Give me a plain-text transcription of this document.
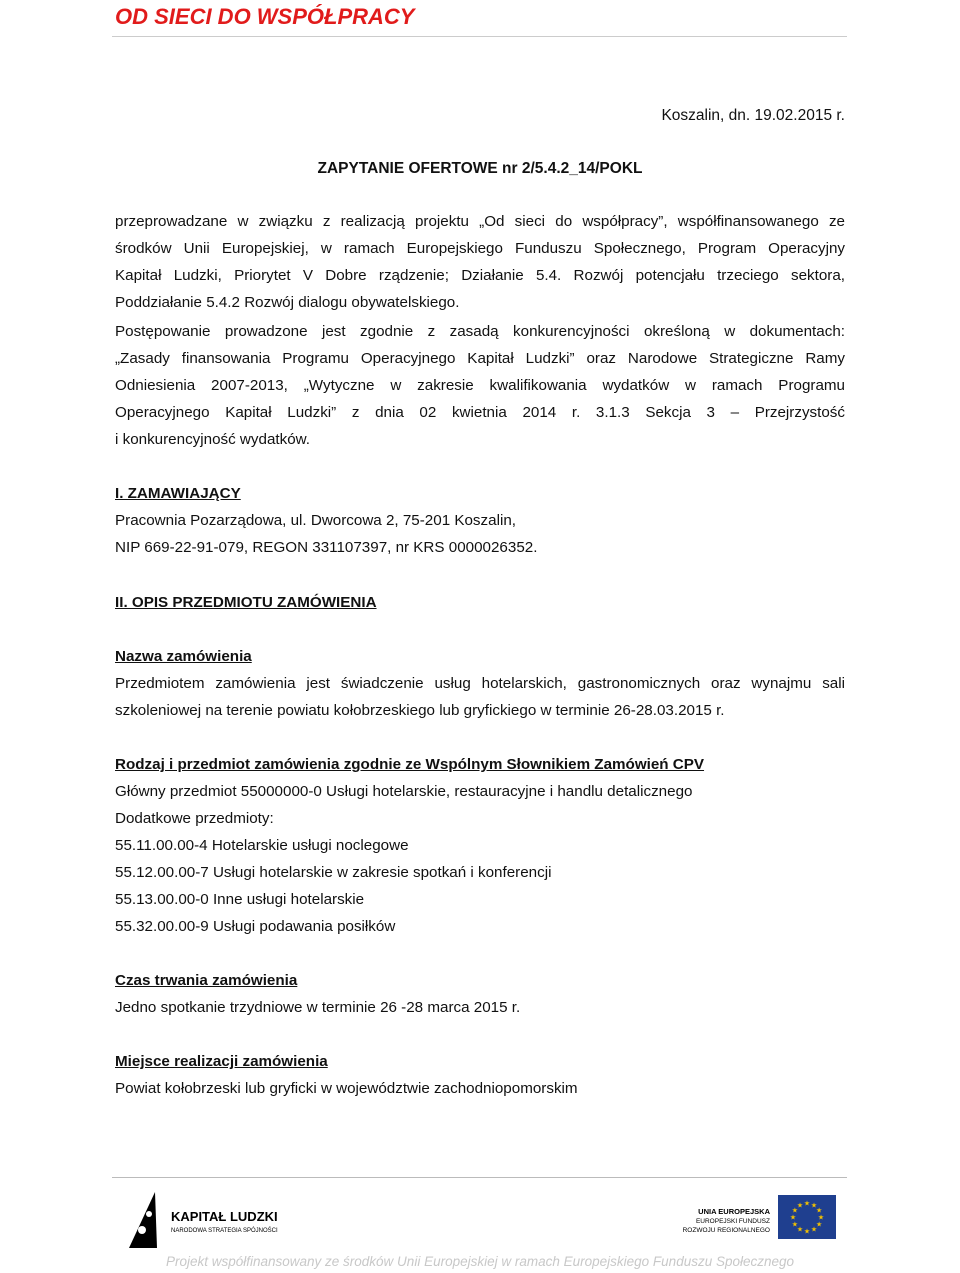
OD SIECI DO WSPÓŁPRACY
Koszalin, dn. 19.02.2015 r.
ZAPYTANIE OFERTOWE nr 2/5.4.2_14/POKL
przeprowadzane w związku z realizacją projektu „Od sieci do współpracy”, współfinansowanego ze
środków Unii Europejskiej, w ramach Europejskiego Funduszu Społecznego, Program Operacyjny
Kapitał Ludzki, Priorytet V Dobre rządzenie; Działanie 5.4. Rozwój potencjału trzeciego sektora,
Poddziałanie 5.4.2 Rozwój dialogu obywatelskiego.
Postępowanie prowadzone jest zgodnie z zasadą konkurencyjności określoną w dokumentach:
„Zasady finansowania Programu Operacyjnego Kapitał Ludzki” oraz Narodowe Strategiczne Ramy
Odniesienia 2007-2013, „Wytyczne w zakresie kwalifikowania wydatków w ramach Programu
Operacyjnego Kapitał Ludzki” z dnia 02 kwietnia 2014 r. 3.1.3 Sekcja 3 – Przejrzystość
i konkurencyjność wydatków.
I. ZAMAWIAJĄCY
Pracownia Pozarządowa, ul. Dworcowa 2, 75-201 Koszalin,
NIP 669-22-91-079, REGON 331107397, nr KRS 0000026352.
II. OPIS PRZEDMIOTU ZAMÓWIENIA
Nazwa zamówienia
Przedmiotem zamówienia jest świadczenie usług hotelarskich, gastronomicznych oraz wynajmu sali
szkoleniowej na terenie powiatu kołobrzeskiego lub gryfickiego w terminie 26-28.03.2015 r.
Rodzaj i przedmiot zamówienia zgodnie ze Wspólnym Słownikiem Zamówień CPV
Główny przedmiot 55000000-0 Usługi hotelarskie, restauracyjne i handlu detalicznego
Dodatkowe przedmioty:
55.11.00.00-4 Hotelarskie usługi noclegowe
55.12.00.00-7 Usługi hotelarskie w zakresie spotkań i konferencji
55.13.00.00-0 Inne usługi hotelarskie
55.32.00.00-9 Usługi podawania posiłków
Czas trwania zamówienia
Jedno spotkanie trzydniowe w terminie 26 -28 marca 2015 r.
Miejsce realizacji zamówienia
Powiat kołobrzeski lub gryficki w województwie zachodniopomorskim
KAPITAŁ LUDZKI
NARODOWA STRATEGIA SPÓJNOŚCI
UNIA EUROPEJSKA
EUROPEJSKI FUNDUSZ
ROZWOJU REGIONALNEGO
★ ★
★
★
★
★
★
★
★
★
★
★
Projekt współfinansowany ze środków Unii Europejskiej w ramach Europejskiego Funduszu Społecznego
